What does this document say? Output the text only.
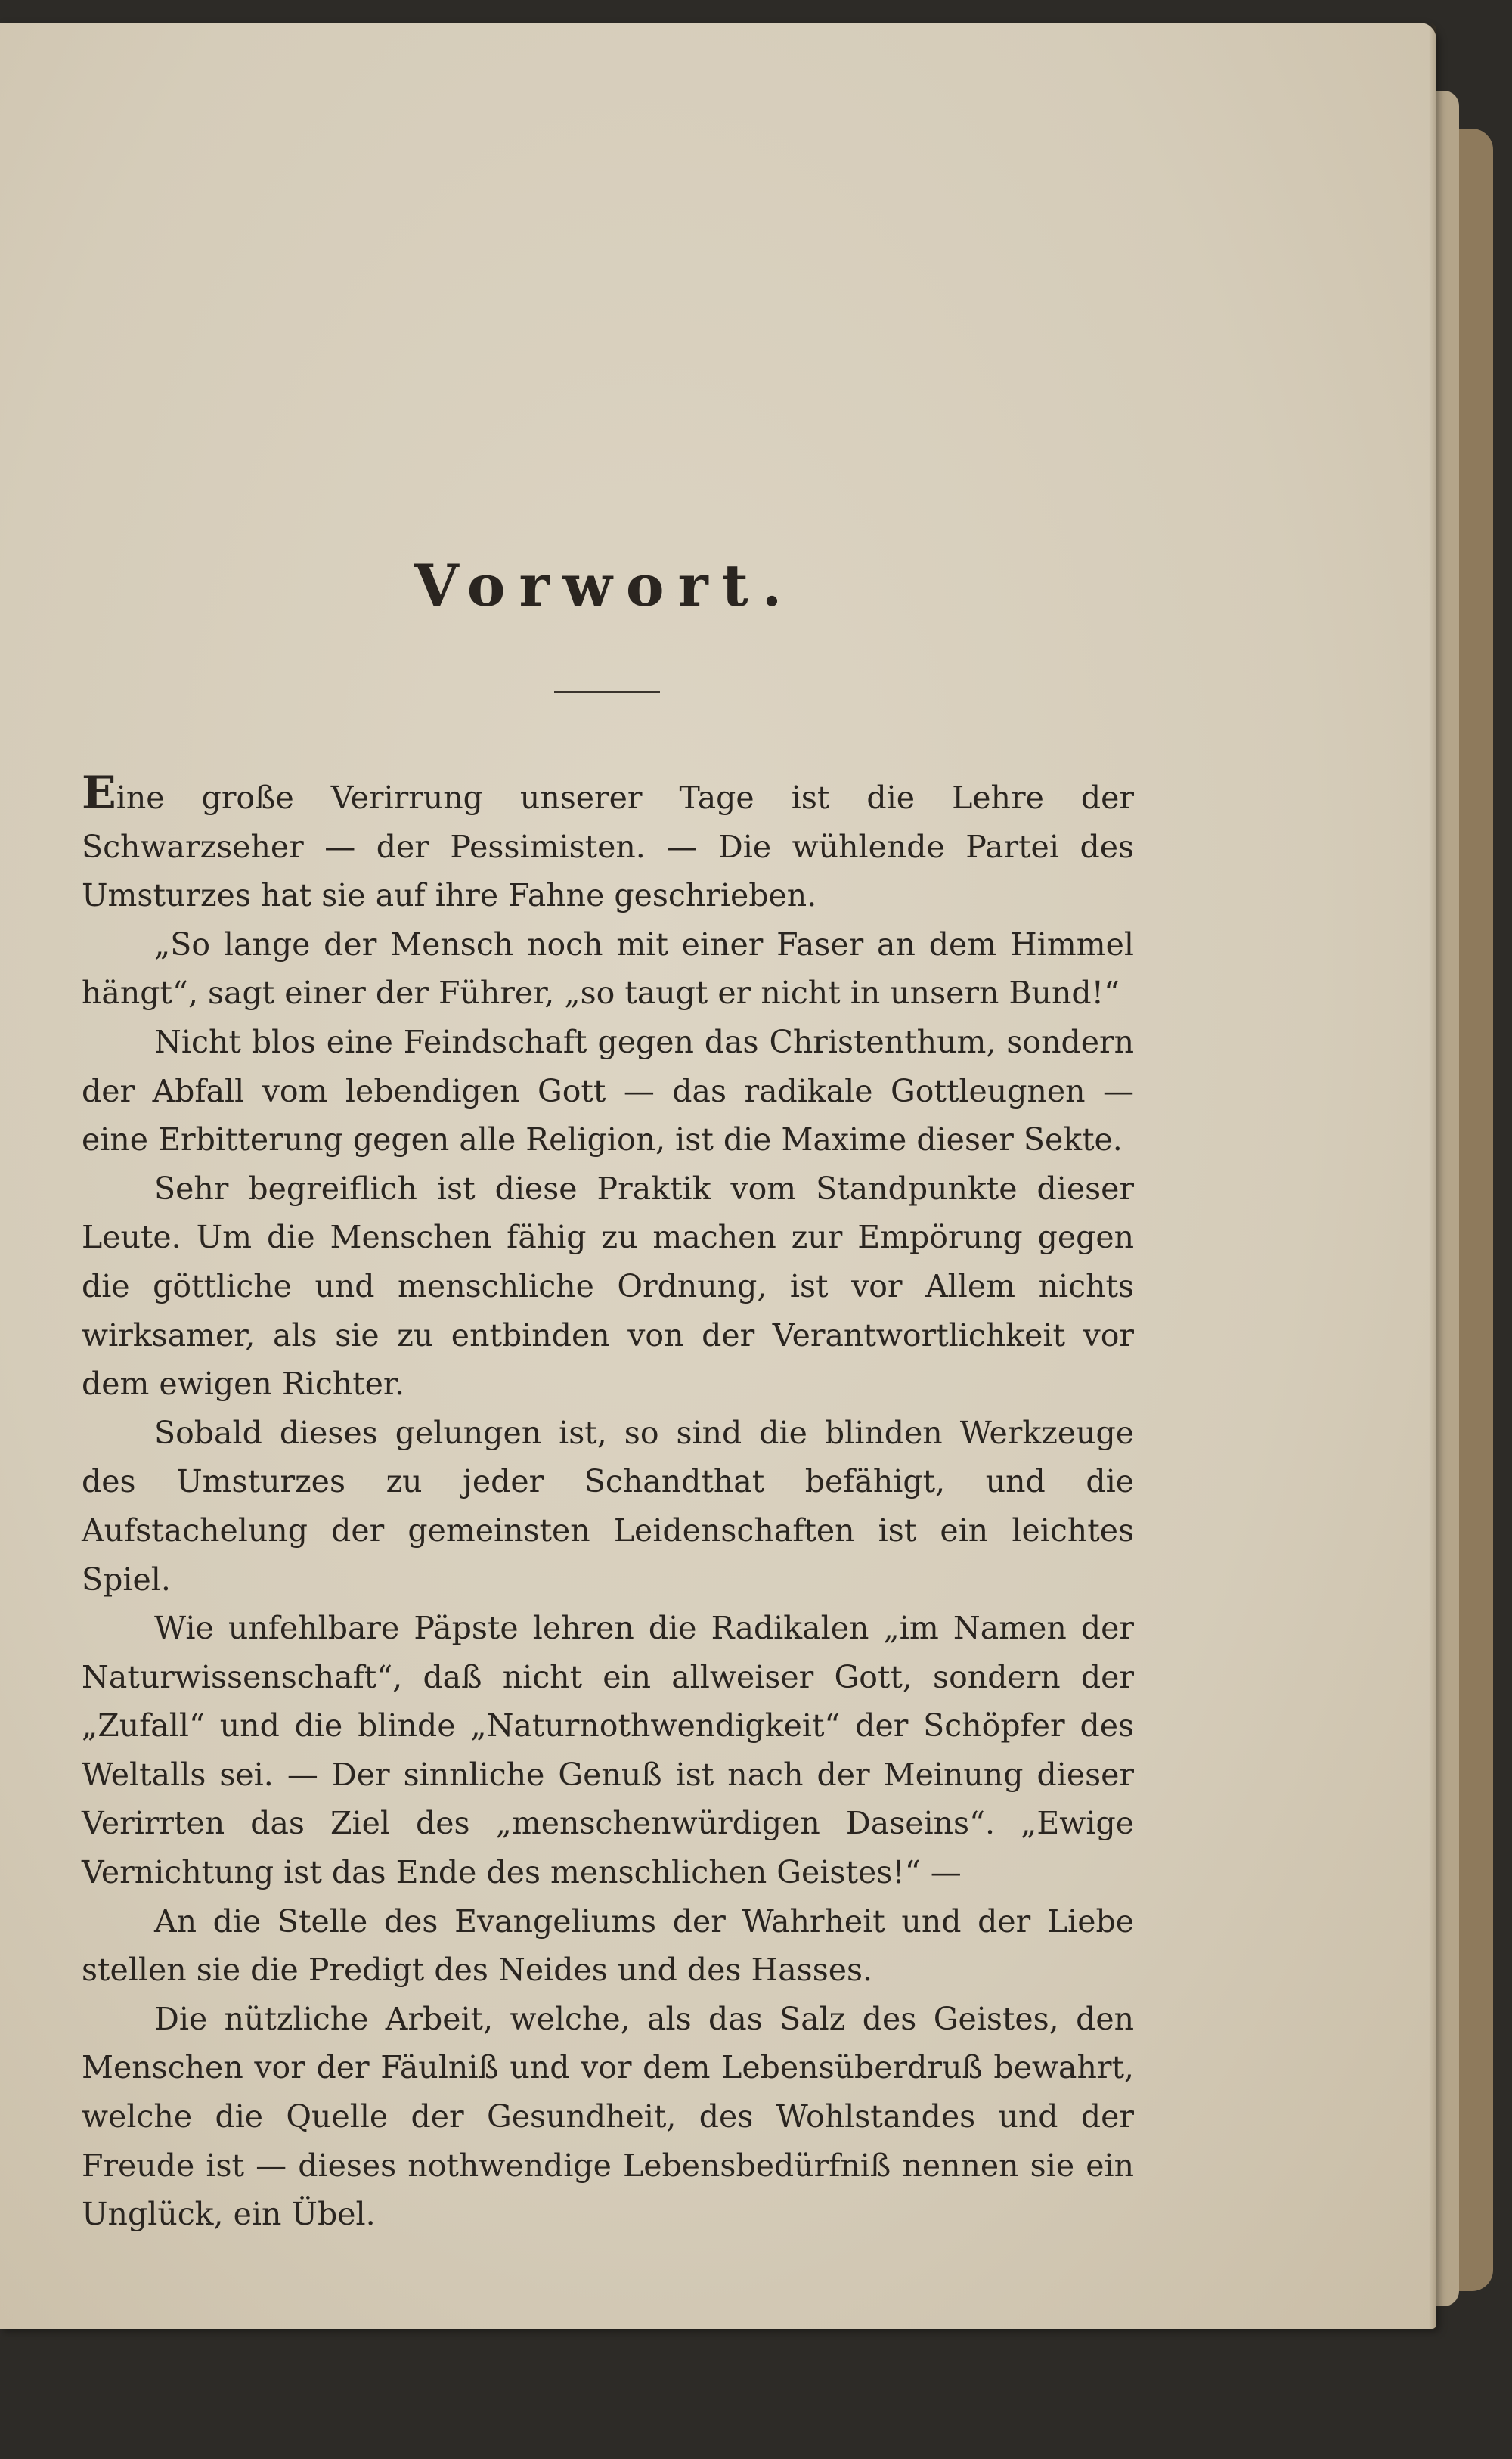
Vorwort.

Eine große Verirrung unserer Tage ist die Lehre der Schwarzseher — der Pessimisten. — Die wühlende Partei des Umsturzes hat sie auf ihre Fahne geschrieben.

„So lange der Mensch noch mit einer Faser an dem Himmel hängt“, sagt einer der Führer, „so taugt er nicht in unsern Bund!“

Nicht blos eine Feindschaft gegen das Christenthum, sondern der Abfall vom lebendigen Gott — das radikale Gottleugnen — eine Erbitterung gegen alle Religion, ist die Maxime dieser Sekte.

Sehr begreiflich ist diese Praktik vom Standpunkte dieser Leute. Um die Menschen fähig zu machen zur Empörung gegen die göttliche und menschliche Ordnung, ist vor Allem nichts wirksamer, als sie zu entbinden von der Verantwortlichkeit vor dem ewigen Richter.

Sobald dieses gelungen ist, so sind die blinden Werkzeuge des Umsturzes zu jeder Schandthat befähigt, und die Aufstachelung der gemeinsten Leidenschaften ist ein leichtes Spiel.

Wie unfehlbare Päpste lehren die Radikalen „im Namen der Naturwissenschaft“, daß nicht ein allweiser Gott, sondern der „Zufall“ und die blinde „Naturnothwendigkeit“ der Schöpfer des Weltalls sei. — Der sinnliche Genuß ist nach der Meinung dieser Verirrten das Ziel des „menschenwürdigen Daseins“. „Ewige Vernichtung ist das Ende des menschlichen Geistes!“ —

An die Stelle des Evangeliums der Wahrheit und der Liebe stellen sie die Predigt des Neides und des Hasses.

Die nützliche Arbeit, welche, als das Salz des Geistes, den Menschen vor der Fäulniß und vor dem Lebensüberdruß bewahrt, welche die Quelle der Gesundheit, des Wohlstandes und der Freude ist — dieses nothwendige Lebensbedürfniß nennen sie ein Unglück, ein Übel.
